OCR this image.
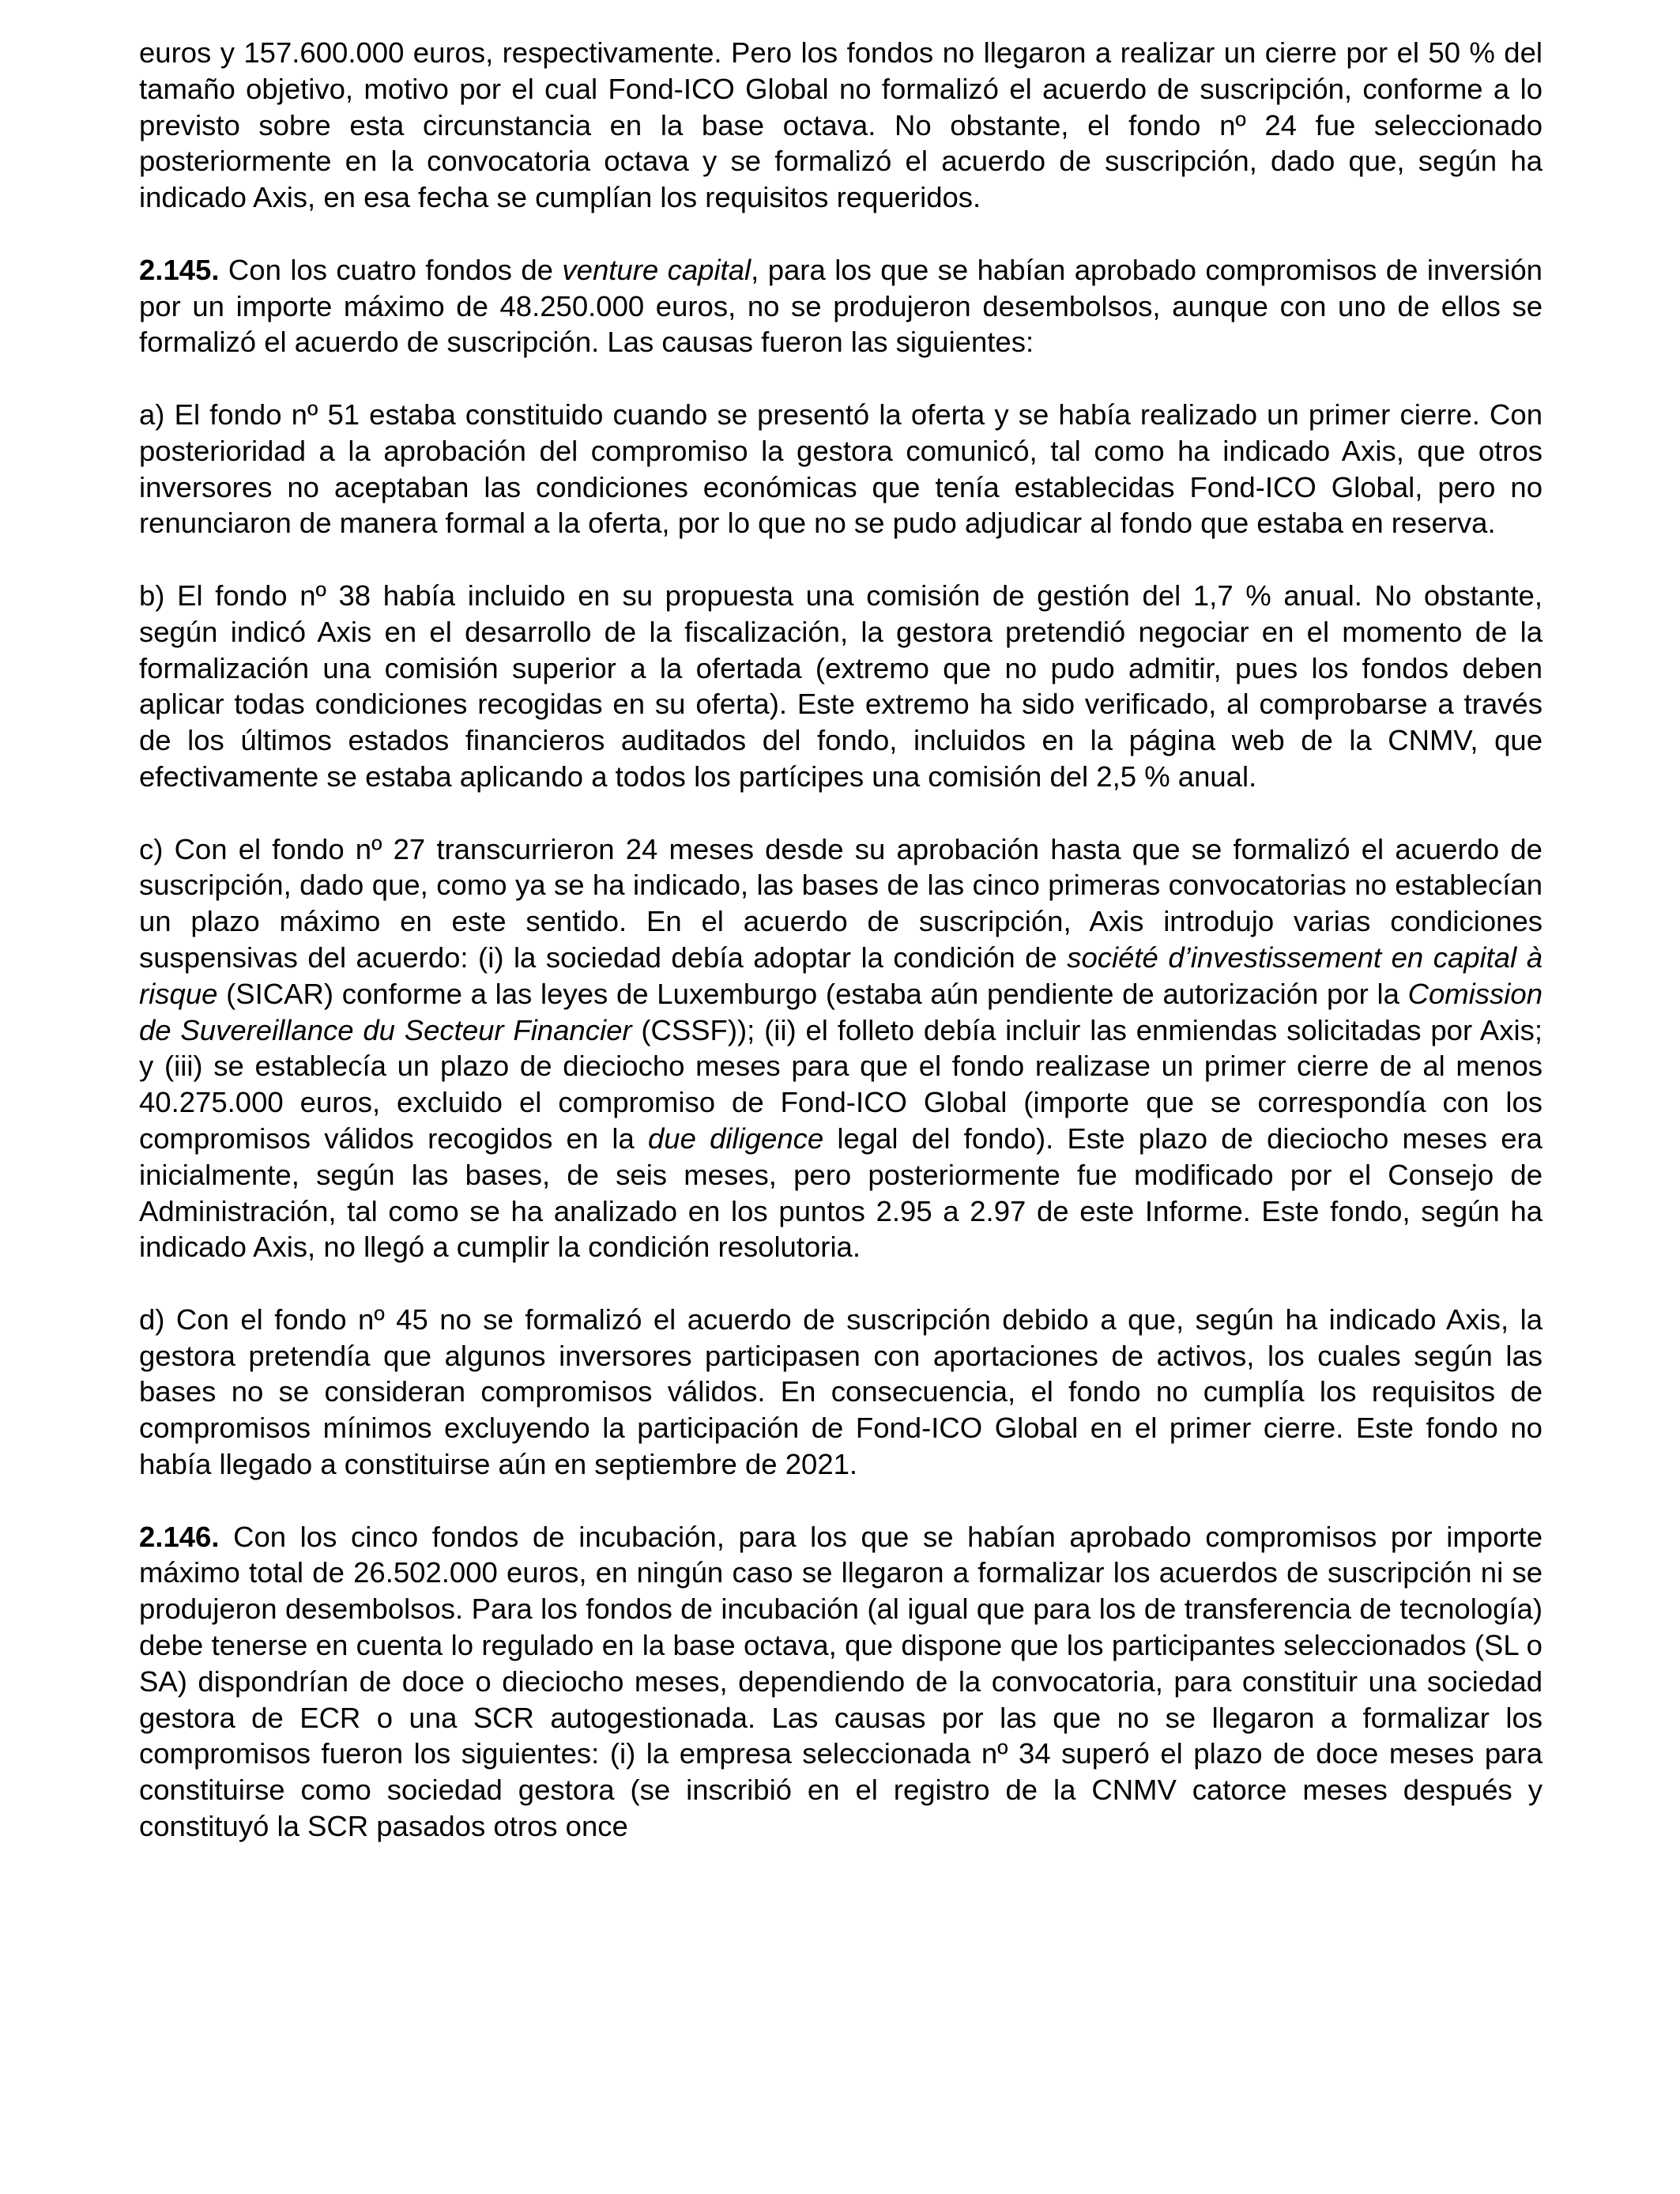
euros y 157.600.000 euros, respectivamente. Pero los fondos no llegaron a realizar un cierre por el 50 % del tamaño objetivo, motivo por el cual Fond-ICO Global no formalizó el acuerdo de suscripción, conforme a lo previsto sobre esta circunstancia en la base octava. No obstante, el fondo nº 24 fue seleccionado posteriormente en la convocatoria octava y se formalizó el acuerdo de suscripción, dado que, según ha indicado Axis, en esa fecha se cumplían los requisitos requeridos.

2.145. Con los cuatro fondos de venture capital, para los que se habían aprobado compromisos de inversión por un importe máximo de 48.250.000 euros, no se produjeron desembolsos, aunque con uno de ellos se formalizó el acuerdo de suscripción. Las causas fueron las siguientes:

a) El fondo nº 51 estaba constituido cuando se presentó la oferta y se había realizado un primer cierre. Con posterioridad a la aprobación del compromiso la gestora comunicó, tal como ha indicado Axis, que otros inversores no aceptaban las condiciones económicas que tenía establecidas Fond-ICO Global, pero no renunciaron de manera formal a la oferta, por lo que no se pudo adjudicar al fondo que estaba en reserva.

b) El fondo nº 38 había incluido en su propuesta una comisión de gestión del 1,7 % anual. No obstante, según indicó Axis en el desarrollo de la fiscalización, la gestora pretendió negociar en el momento de la formalización una comisión superior a la ofertada (extremo que no pudo admitir, pues los fondos deben aplicar todas condiciones recogidas en su oferta). Este extremo ha sido verificado, al comprobarse a través de los últimos estados financieros auditados del fondo, incluidos en la página web de la CNMV, que efectivamente se estaba aplicando a todos los partícipes una comisión del 2,5 % anual.

c) Con el fondo nº 27 transcurrieron 24 meses desde su aprobación hasta que se formalizó el acuerdo de suscripción, dado que, como ya se ha indicado, las bases de las cinco primeras convocatorias no establecían un plazo máximo en este sentido. En el acuerdo de suscripción, Axis introdujo varias condiciones suspensivas del acuerdo: (i) la sociedad debía adoptar la condición de société d’investissement en capital à risque (SICAR) conforme a las leyes de Luxemburgo (estaba aún pendiente de autorización por la Comission de Suvereillance du Secteur Financier (CSSF)); (ii) el folleto debía incluir las enmiendas solicitadas por Axis; y (iii) se establecía un plazo de dieciocho meses para que el fondo realizase un primer cierre de al menos 40.275.000 euros, excluido el compromiso de Fond-ICO Global (importe que se correspondía con los compromisos válidos recogidos en la due diligence legal del fondo). Este plazo de dieciocho meses era inicialmente, según las bases, de seis meses, pero posteriormente fue modificado por el Consejo de Administración, tal como se ha analizado en los puntos 2.95 a 2.97 de este Informe. Este fondo, según ha indicado Axis, no llegó a cumplir la condición resolutoria.

d) Con el fondo nº 45 no se formalizó el acuerdo de suscripción debido a que, según ha indicado Axis, la gestora pretendía que algunos inversores participasen con aportaciones de activos, los cuales según las bases no se consideran compromisos válidos. En consecuencia, el fondo no cumplía los requisitos de compromisos mínimos excluyendo la participación de Fond-ICO Global en el primer cierre. Este fondo no había llegado a constituirse aún en septiembre de 2021.

2.146. Con los cinco fondos de incubación, para los que se habían aprobado compromisos por importe máximo total de 26.502.000 euros, en ningún caso se llegaron a formalizar los acuerdos de suscripción ni se produjeron desembolsos. Para los fondos de incubación (al igual que para los de transferencia de tecnología) debe tenerse en cuenta lo regulado en la base octava, que dispone que los participantes seleccionados (SL o SA) dispondrían de doce o dieciocho meses, dependiendo de la convocatoria, para constituir una sociedad gestora de ECR o una SCR autogestionada. Las causas por las que no se llegaron a formalizar los compromisos fueron los siguientes: (i) la empresa seleccionada nº 34 superó el plazo de doce meses para constituirse como sociedad gestora (se inscribió en el registro de la CNMV catorce meses después y constituyó la SCR pasados otros once
